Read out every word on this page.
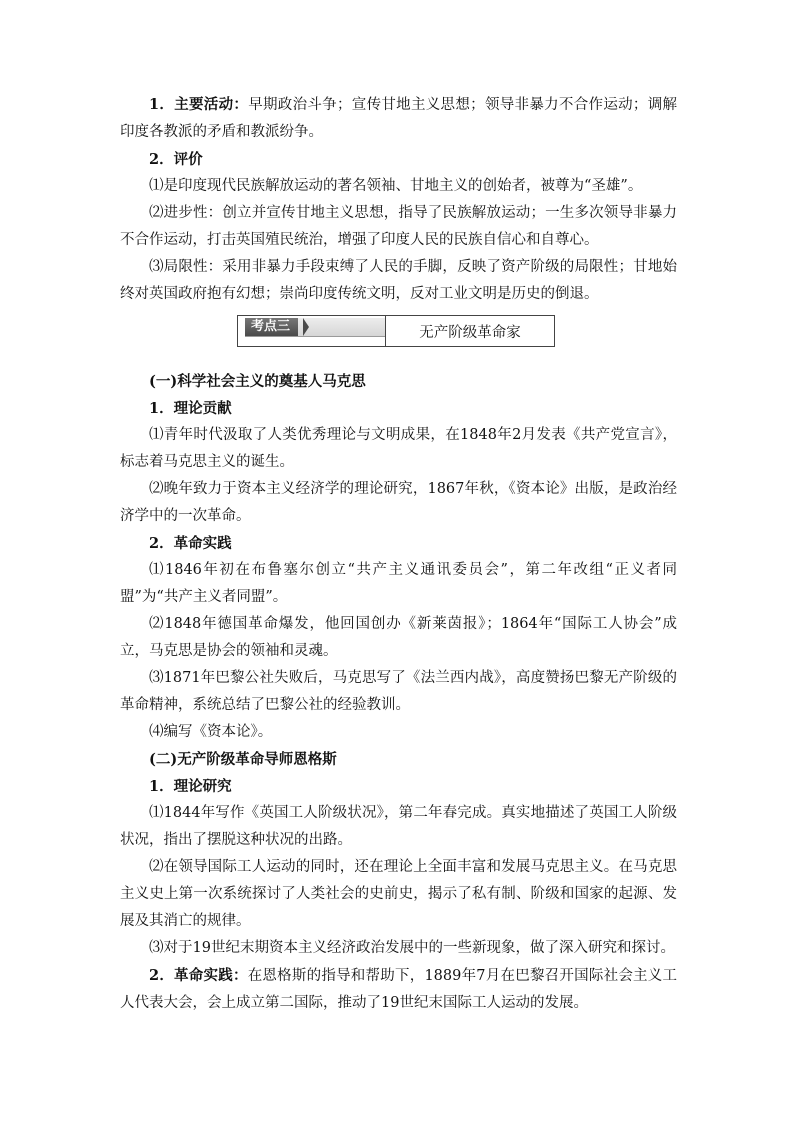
1．主要活动：早期政治斗争；宣传甘地主义思想；领导非暴力不合作运动；调解印度各教派的矛盾和教派纷争。

2．评价

⑴是印度现代民族解放运动的著名领袖、甘地主义的创始者，被尊为“圣雄”。

⑵进步性：创立并宣传甘地主义思想，指导了民族解放运动；一生多次领导非暴力不合作运动，打击英国殖民统治，增强了印度人民的民族自信心和自尊心。

⑶局限性：采用非暴力手段束缚了人民的手脚，反映了资产阶级的局限性；甘地始终对英国政府抱有幻想；崇尚印度传统文明，反对工业文明是历史的倒退。

考点三	无产阶级革命家

(一)科学社会主义的奠基人马克思

1．理论贡献

⑴青年时代汲取了人类优秀理论与文明成果，在1848年2月发表《共产党宣言》，标志着马克思主义的诞生。

⑵晚年致力于资本主义经济学的理论研究，1867年秋，《资本论》出版，是政治经济学中的一次革命。

2．革命实践

⑴1846年初在布鲁塞尔创立“共产主义通讯委员会”，第二年改组“正义者同盟”为“共产主义者同盟”。

⑵1848年德国革命爆发，他回国创办《新莱茵报》；1864年“国际工人协会”成立，马克思是协会的领袖和灵魂。

⑶1871年巴黎公社失败后，马克思写了《法兰西内战》，高度赞扬巴黎无产阶级的革命精神，系统总结了巴黎公社的经验教训。

⑷编写《资本论》。

(二)无产阶级革命导师恩格斯

1．理论研究

⑴1844年写作《英国工人阶级状况》，第二年春完成。真实地描述了英国工人阶级状况，指出了摆脱这种状况的出路。

⑵在领导国际工人运动的同时，还在理论上全面丰富和发展马克思主义。在马克思主义史上第一次系统探讨了人类社会的史前史，揭示了私有制、阶级和国家的起源、发展及其消亡的规律。

⑶对于19世纪末期资本主义经济政治发展中的一些新现象，做了深入研究和探讨。

2．革命实践：在恩格斯的指导和帮助下，1889年7月在巴黎召开国际社会主义工人代表大会，会上成立第二国际，推动了19世纪末国际工人运动的发展。
